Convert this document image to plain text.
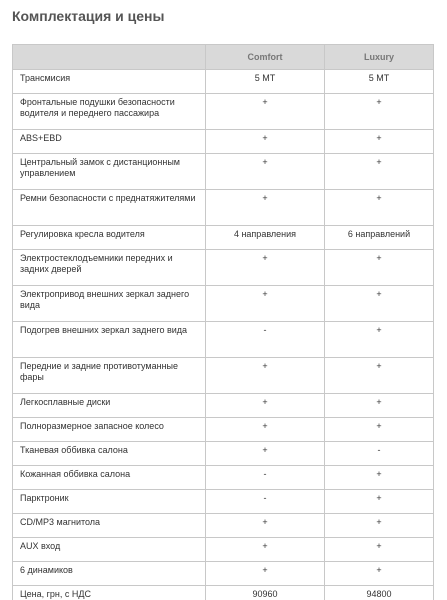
Комплектация и цены
	Comfort	Luxury
Трансмисия	5 МТ	5 МТ
Фронтальные подушки безопасности водителя и переднего пассажира	+	+
ABS+EBD	+	+
Центральный замок с дистанционным управлением	+	+
Ремни безопасности с преднатяжителями	+	+
Регулировка кресла водителя	4 направления	6 направлений
Электростеклодъемники передних и задних дверей	+	+
Электропривод внешних зеркал заднего вида	+	+
Подогрев внешних зеркал заднего вида	-	+
Передние и задние противотуманные фары	+	+
Легкосплавные диски	+	+
Полноразмерное запасное колесо	+	+
Тканевая оббивка салона	+	-
Кожанная оббивка салона	-	+
Парктроник	-	+
CD/MP3 магнитола	+	+
AUX вход	+	+
6 динамиков	+	+
Цена, грн, с НДС	90960	94800
